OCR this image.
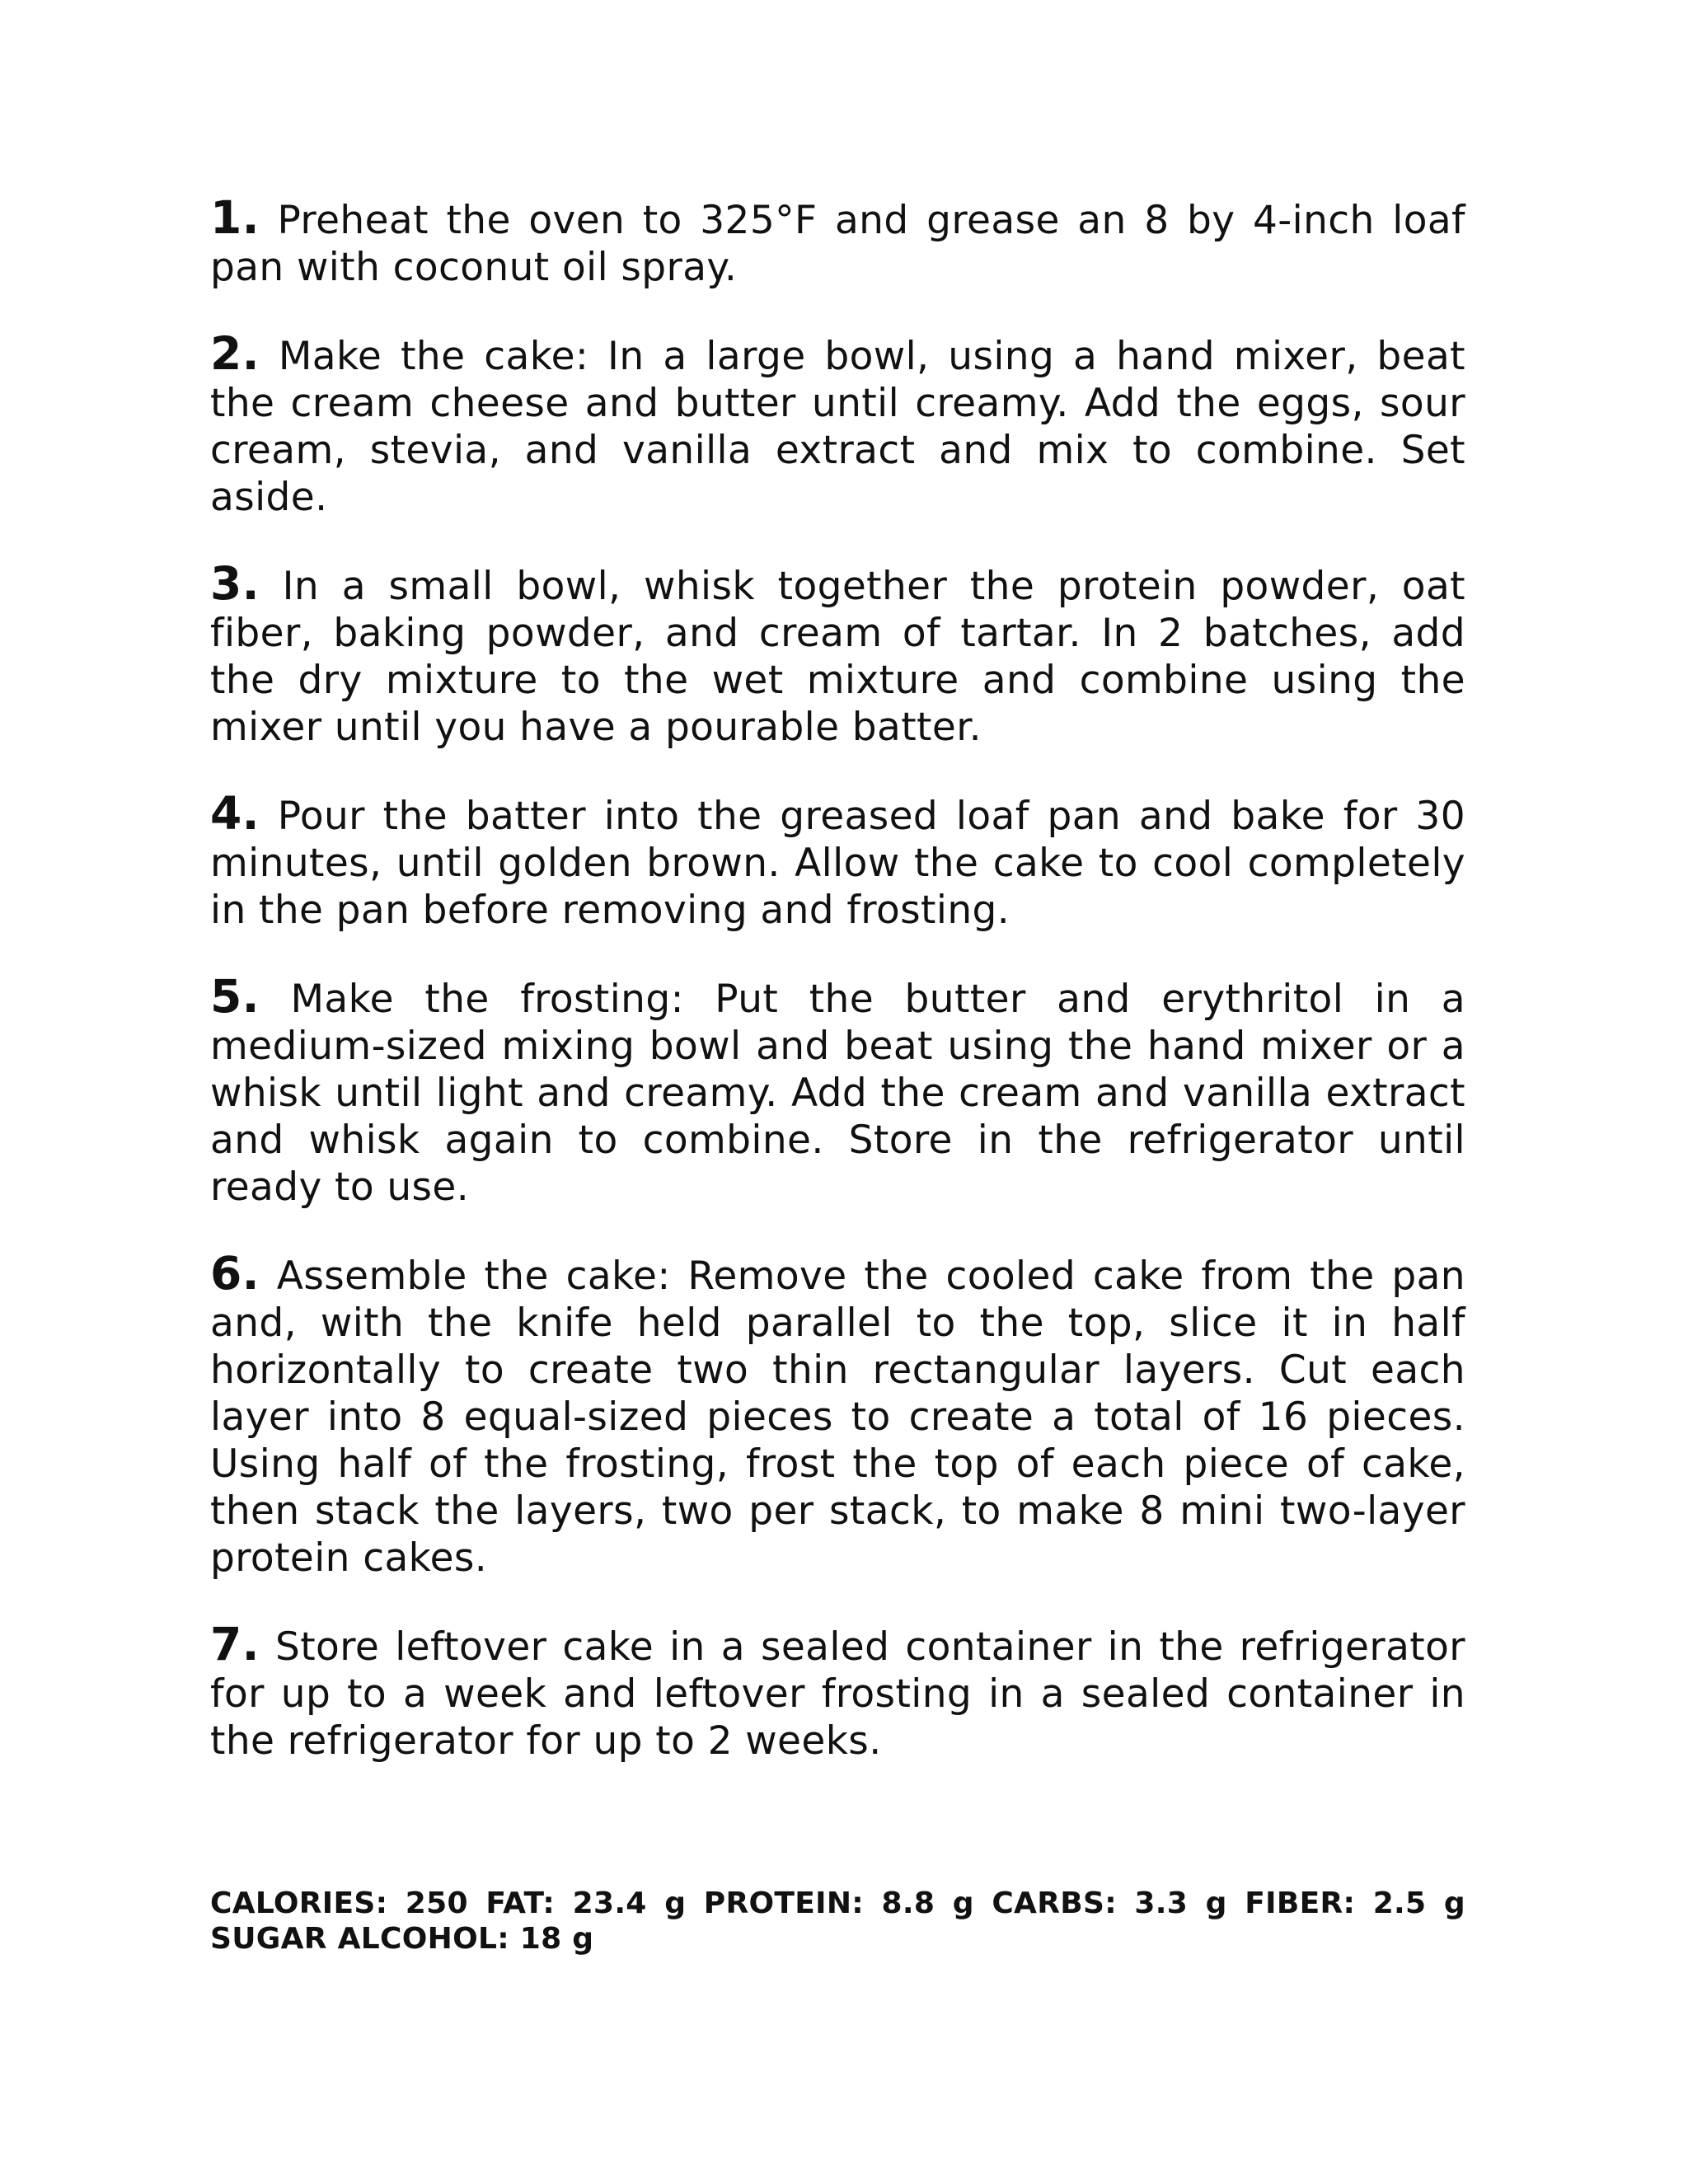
1. Preheat the oven to 325°F and grease an 8 by 4-inch loaf pan with coconut oil spray.

2. Make the cake: In a large bowl, using a hand mixer, beat the cream cheese and butter until creamy. Add the eggs, sour cream, stevia, and vanilla extract and mix to combine. Set aside.

3. In a small bowl, whisk together the protein powder, oat fiber, baking powder, and cream of tartar. In 2 batches, add the dry mixture to the wet mixture and combine using the mixer until you have a pourable batter.

4. Pour the batter into the greased loaf pan and bake for 30 minutes, until golden brown. Allow the cake to cool completely in the pan before removing and frosting.

5. Make the frosting: Put the butter and erythritol in a medium-sized mixing bowl and beat using the hand mixer or a whisk until light and creamy. Add the cream and vanilla extract and whisk again to combine. Store in the refrigerator until ready to use.

6. Assemble the cake: Remove the cooled cake from the pan and, with the knife held parallel to the top, slice it in half horizontally to create two thin rectangular layers. Cut each layer into 8 equal-sized pieces to create a total of 16 pieces. Using half of the frosting, frost the top of each piece of cake, then stack the layers, two per stack, to make 8 mini two-layer protein cakes.

7. Store leftover cake in a sealed container in the refrigerator for up to a week and leftover frosting in a sealed container in the refrigerator for up to 2 weeks.

CALORIES: 250 FAT: 23.4 g PROTEIN: 8.8 g CARBS: 3.3 g FIBER: 2.5 g SUGAR ALCOHOL: 18 g
